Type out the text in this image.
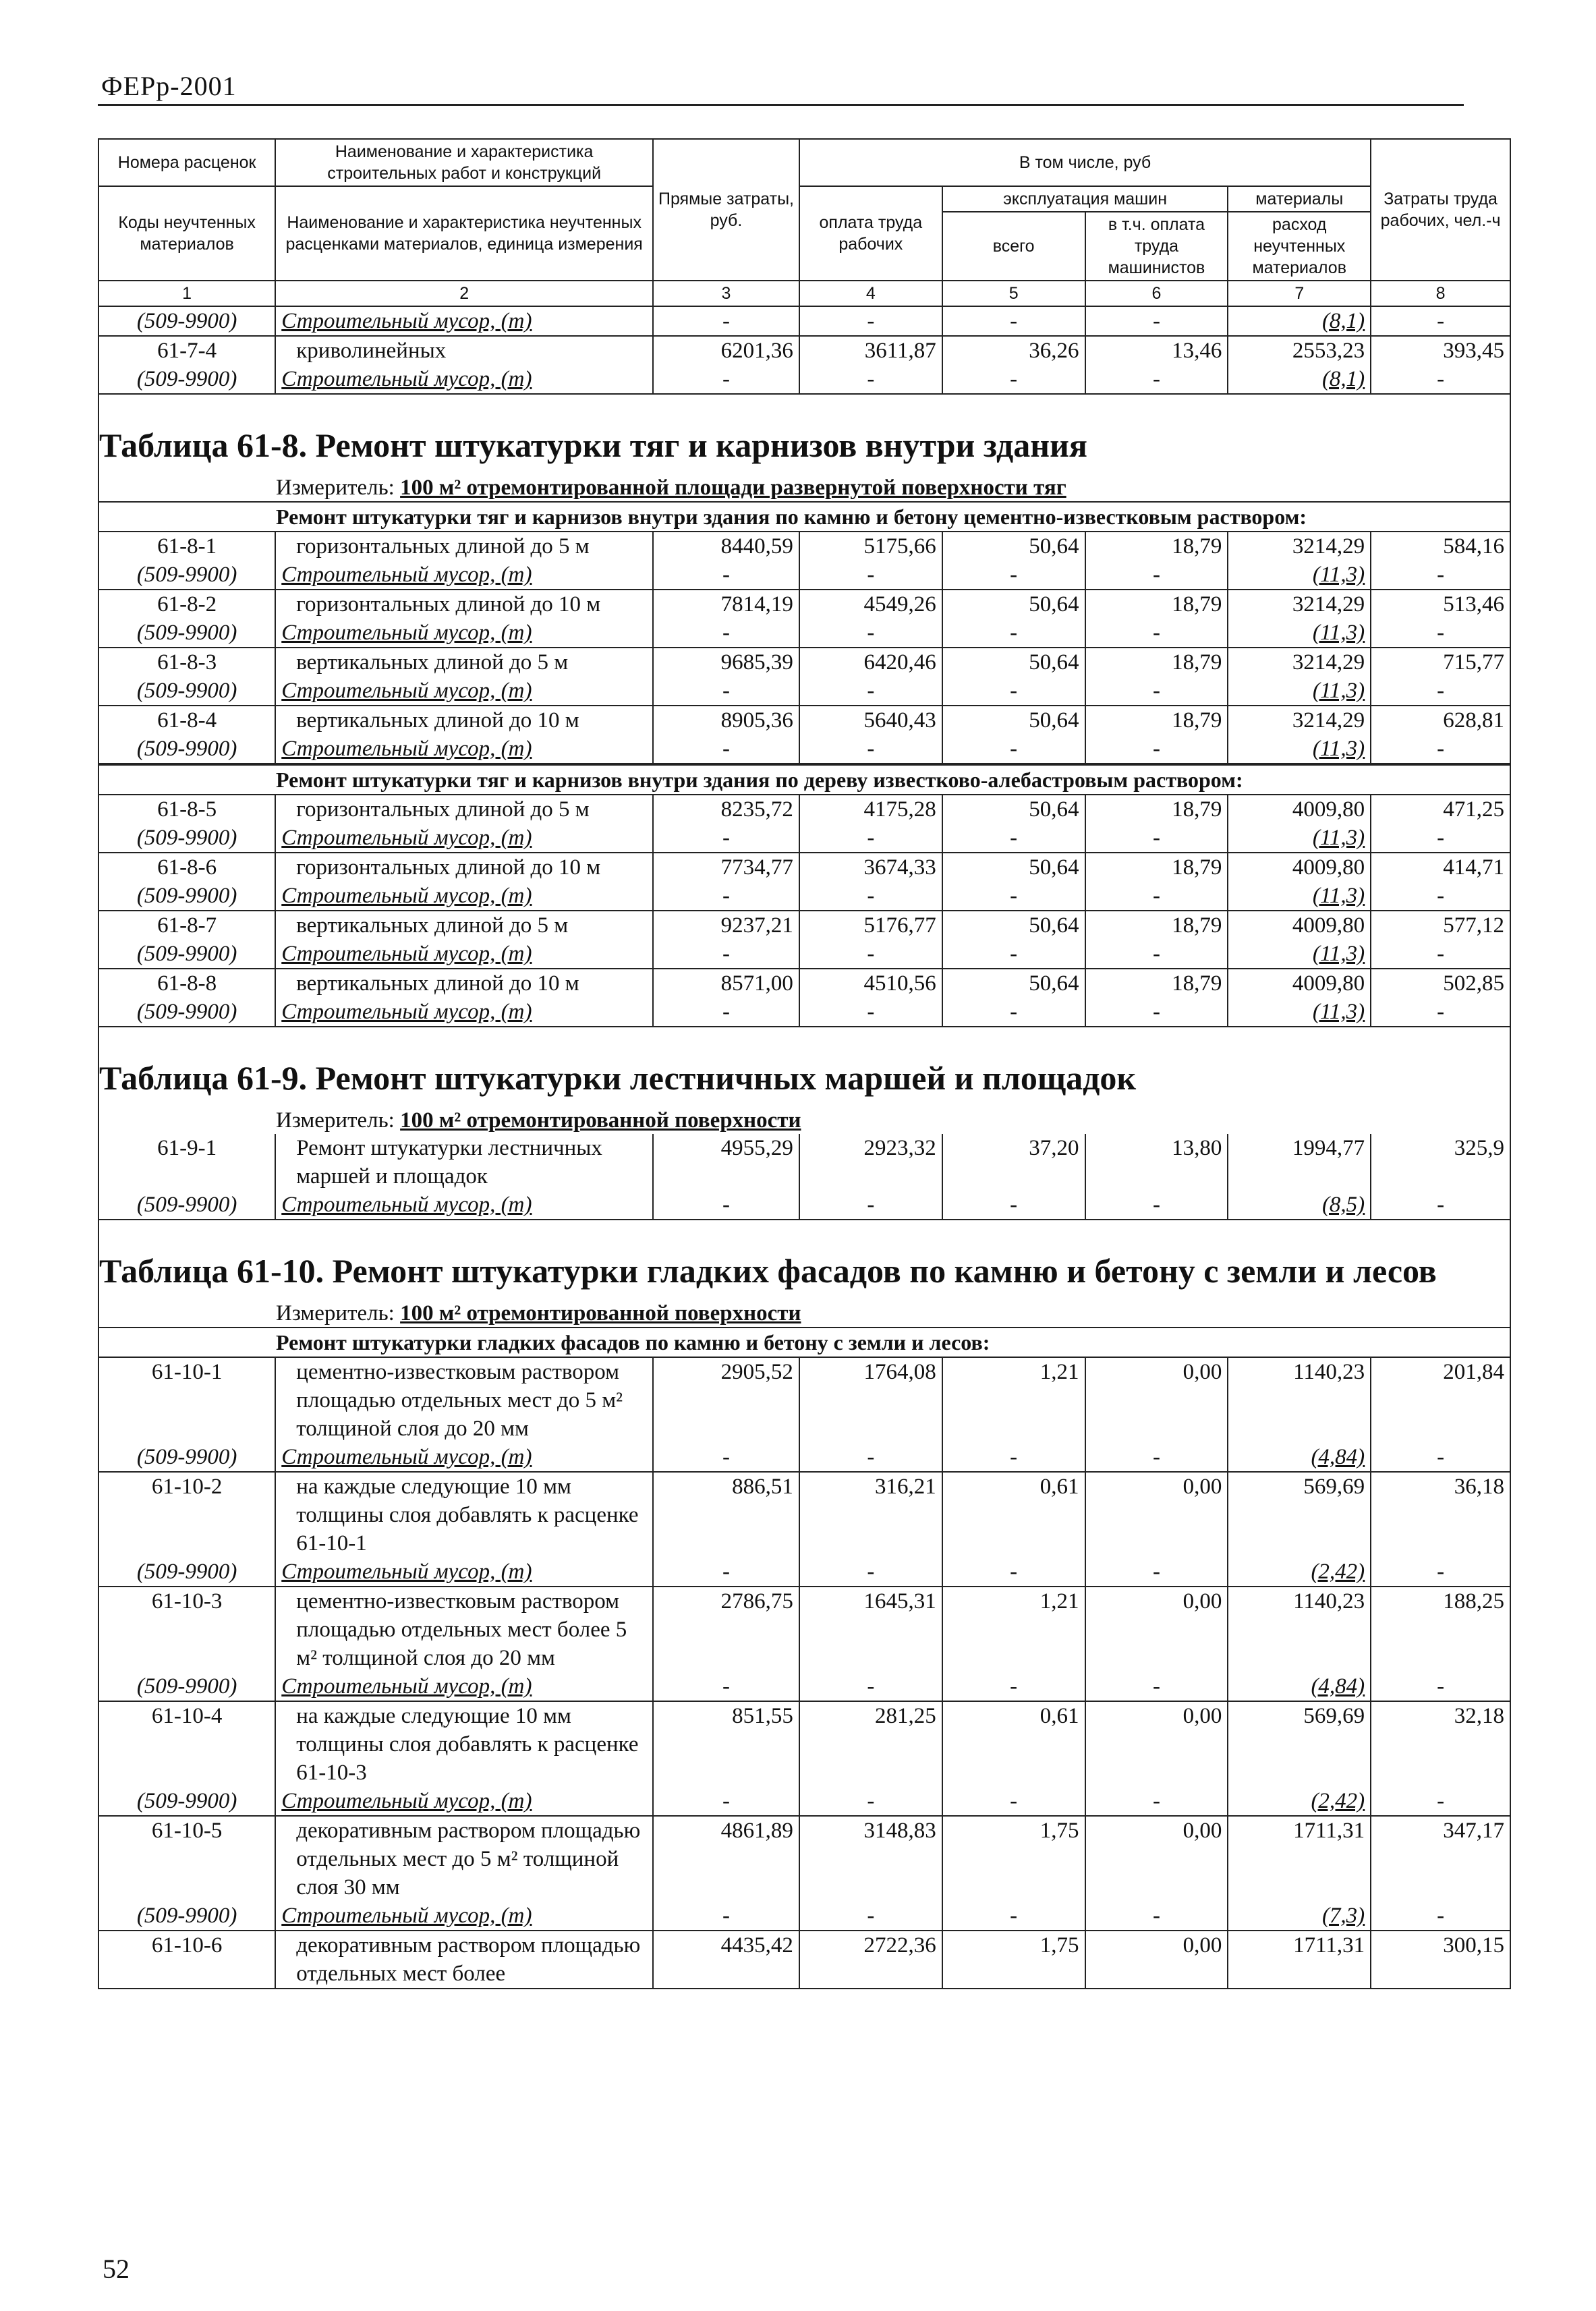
ФЕРр-2001
Номера расценок	Наименование и характеристика строительных работ и конструкций	Прямые затраты, руб.	В том числе, руб				Затраты труда рабочих, чел.-ч
Коды неучтенных материалов	Наименование и характеристика неучтенных расценками материалов, единица измерения		оплата труда рабочих	эксплуатация машин		материалы	
				всего	в т.ч. оплата труда машинистов	расход неучтенных материалов	
1	2	3	4	5	6	7	8
(509-9900)	Строительный мусор, (т)	-	-	-	-	(8,1)	-
61-7-4	криволинейных	6201,36	3611,87	36,26	13,46	2553,23	393,45
(509-9900)	Строительный мусор, (т)	-	-	-	-	(8,1)	-
Таблица 61-8. Ремонт штукатурки тяг и карнизов внутри здания
Измеритель: 100 м² отремонтированной площади развернутой поверхности тяг
Ремонт штукатурки тяг и карнизов внутри здания по камню и бетону цементно-известковым раствором:
61-8-1	горизонтальных длиной до 5 м	8440,59	5175,66	50,64	18,79	3214,29	584,16
(509-9900)	Строительный мусор, (т)	-	-	-	-	(11,3)	-
61-8-2	горизонтальных длиной до 10 м	7814,19	4549,26	50,64	18,79	3214,29	513,46
(509-9900)	Строительный мусор, (т)	-	-	-	-	(11,3)	-
61-8-3	вертикальных длиной до 5 м	9685,39	6420,46	50,64	18,79	3214,29	715,77
(509-9900)	Строительный мусор, (т)	-	-	-	-	(11,3)	-
61-8-4	вертикальных длиной до 10 м	8905,36	5640,43	50,64	18,79	3214,29	628,81
(509-9900)	Строительный мусор, (т)	-	-	-	-	(11,3)	-
Ремонт штукатурки тяг и карнизов внутри здания по дереву известково-алебастровым раствором:
61-8-5	горизонтальных длиной до 5 м	8235,72	4175,28	50,64	18,79	4009,80	471,25
(509-9900)	Строительный мусор, (т)	-	-	-	-	(11,3)	-
61-8-6	горизонтальных длиной до 10 м	7734,77	3674,33	50,64	18,79	4009,80	414,71
(509-9900)	Строительный мусор, (т)	-	-	-	-	(11,3)	-
61-8-7	вертикальных длиной до 5 м	9237,21	5176,77	50,64	18,79	4009,80	577,12
(509-9900)	Строительный мусор, (т)	-	-	-	-	(11,3)	-
61-8-8	вертикальных длиной до 10 м	8571,00	4510,56	50,64	18,79	4009,80	502,85
(509-9900)	Строительный мусор, (т)	-	-	-	-	(11,3)	-
Таблица 61-9. Ремонт штукатурки лестничных маршей и площадок
Измеритель: 100 м² отремонтированной поверхности
61-9-1	Ремонт штукатурки лестничных маршей и площадок	4955,29	2923,32	37,20	13,80	1994,77	325,9
(509-9900)	Строительный мусор, (т)	-	-	-	-	(8,5)	-
Таблица 61-10. Ремонт штукатурки гладких фасадов по камню и бетону с земли и лесов
Измеритель: 100 м² отремонтированной поверхности
Ремонт штукатурки гладких фасадов по камню и бетону с земли и лесов:
61-10-1	цементно-известковым раствором площадью отдельных мест до 5 м² толщиной слоя до 20 мм	2905,52	1764,08	1,21	0,00	1140,23	201,84
(509-9900)	Строительный мусор, (т)	-	-	-	-	(4,84)	-
61-10-2	на каждые следующие 10 мм толщины слоя добавлять к расценке 61-10-1	886,51	316,21	0,61	0,00	569,69	36,18
(509-9900)	Строительный мусор, (т)	-	-	-	-	(2,42)	-
61-10-3	цементно-известковым раствором площадью отдельных мест более 5 м² толщиной слоя до 20 мм	2786,75	1645,31	1,21	0,00	1140,23	188,25
(509-9900)	Строительный мусор, (т)	-	-	-	-	(4,84)	-
61-10-4	на каждые следующие 10 мм толщины слоя добавлять к расценке 61-10-3	851,55	281,25	0,61	0,00	569,69	32,18
(509-9900)	Строительный мусор, (т)	-	-	-	-	(2,42)	-
61-10-5	декоративным раствором площадью отдельных мест до 5 м² толщиной слоя 30 мм	4861,89	3148,83	1,75	0,00	1711,31	347,17
(509-9900)	Строительный мусор, (т)	-	-	-	-	(7,3)	-
61-10-6	декоративным раствором площадью отдельных мест более	4435,42	2722,36	1,75	0,00	1711,31	300,15
52
